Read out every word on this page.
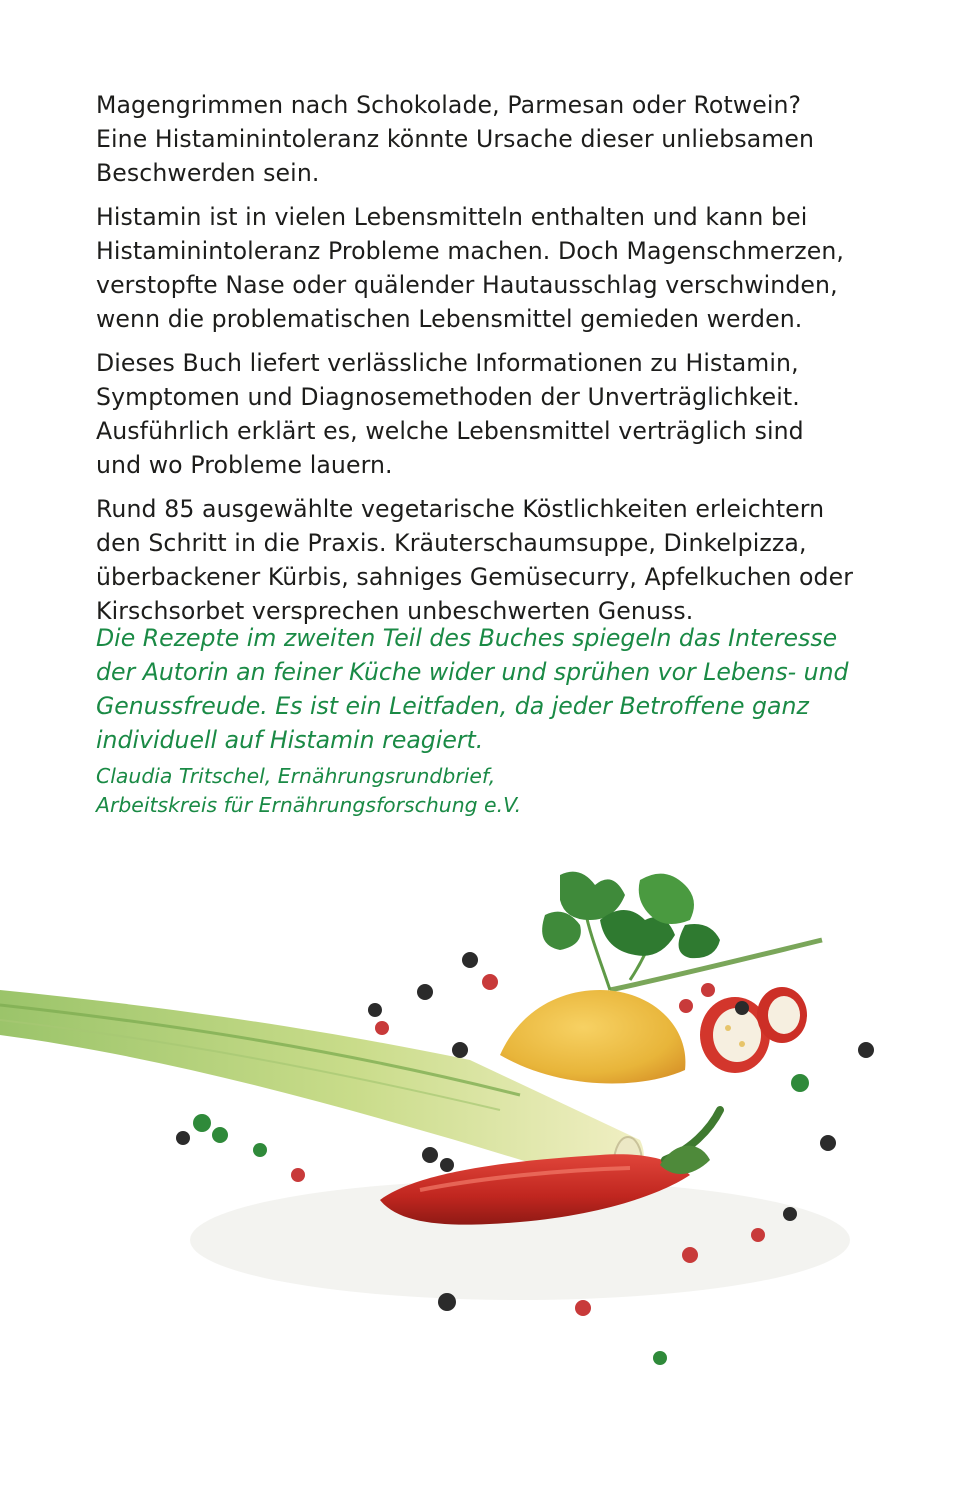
Magengrimmen nach Schokolade, Parmesan oder Rotwein?
Eine Histaminintoleranz könnte Ursache dieser unliebsamen
Beschwerden sein.

Histamin ist in vielen Lebensmitteln enthalten und kann bei
Histaminintoleranz Probleme machen. Doch Magenschmerzen,
verstopfte Nase oder quälender Hautausschlag verschwinden,
wenn die problematischen Lebensmittel gemieden werden.

Dieses Buch liefert verlässliche Informationen zu Histamin,
Symptomen und Diagnosemethoden der Unverträglichkeit.
Ausführlich erklärt es, welche Lebensmittel verträglich sind
und wo Probleme lauern.

Rund 85 ausgewählte vegetarische Köstlichkeiten erleichtern
den Schritt in die Praxis. Kräuterschaumsuppe, Dinkelpizza,
überbackener Kürbis, sahniges Gemüsecurry, Apfelkuchen oder
Kirschsorbet versprechen unbeschwerten Genuss.

Die Rezepte im zweiten Teil des Buches spiegeln das Interesse
der Autorin an feiner Küche wider und sprühen vor Lebens- und
Genussfreude. Es ist ein Leitfaden, da jeder Betroffene ganz
individuell auf Histamin reagiert.
Claudia Tritschel, Ernährungsrundbrief,
Arbeitskreis für Ernährungsforschung e.V.
